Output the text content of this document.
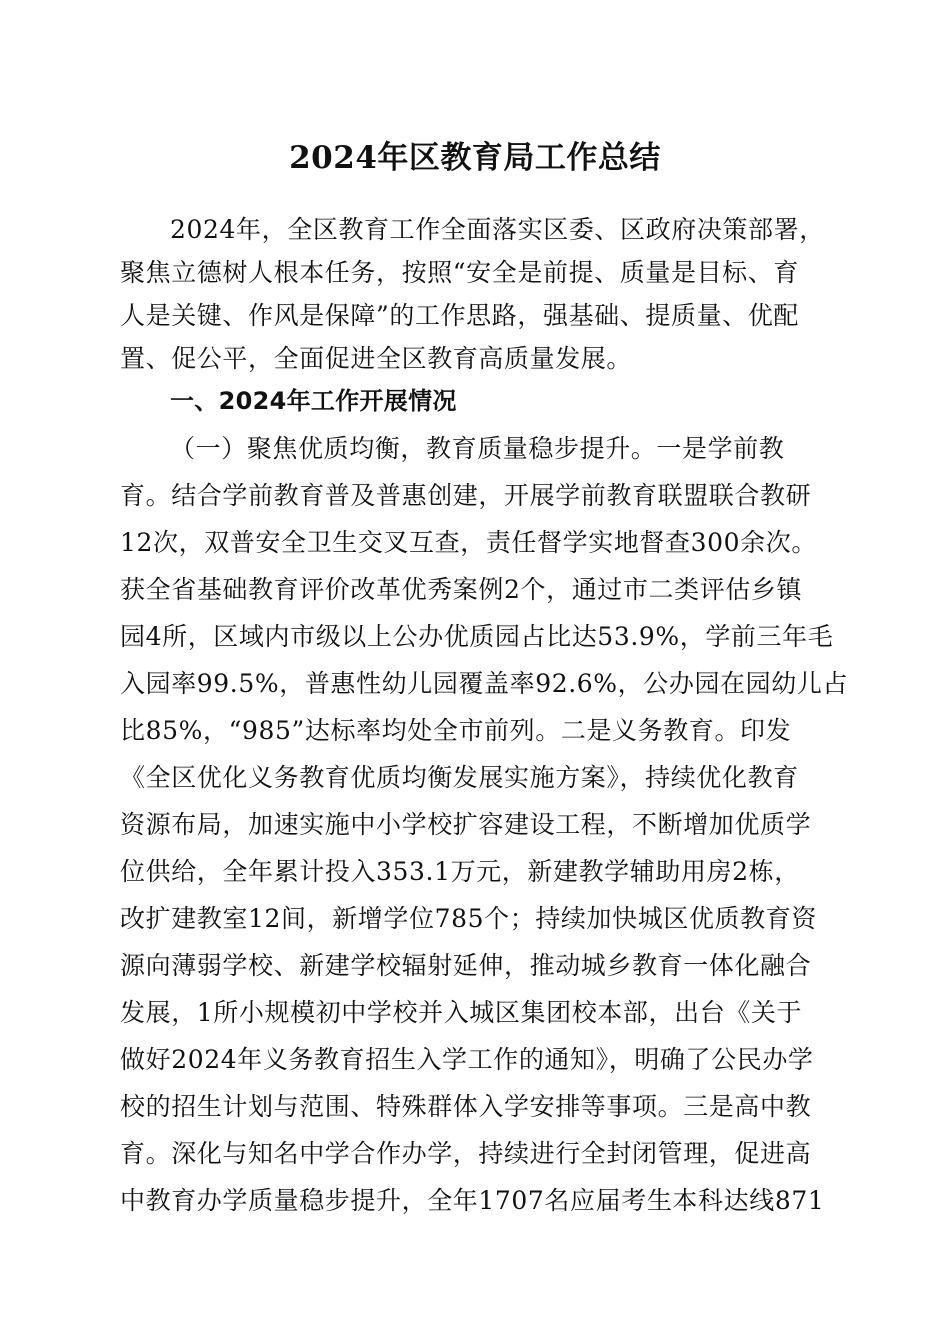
2024年区教育局工作总结
2024年，全区教育工作全面落实区委、区政府决策部署，
聚焦立德树人根本任务，按照“安全是前提、质量是目标、育
人是关键、作风是保障”的工作思路，强基础、提质量、优配
置、促公平，全面促进全区教育高质量发展。
一、2024年工作开展情况
（一）聚焦优质均衡，教育质量稳步提升。一是学前教
育。结合学前教育普及普惠创建，开展学前教育联盟联合教研
12次，双普安全卫生交叉互查，责任督学实地督查300余次。
获全省基础教育评价改革优秀案例2个，通过市二类评估乡镇
园4所，区域内市级以上公办优质园占比达53.9%，学前三年毛
入园率99.5%，普惠性幼儿园覆盖率92.6%，公办园在园幼儿占
比85%，“985”达标率均处全市前列。二是义务教育。印发
《全区优化义务教育优质均衡发展实施方案》，持续优化教育
资源布局，加速实施中小学校扩容建设工程，不断增加优质学
位供给，全年累计投入353.1万元，新建教学辅助用房2栋，
改扩建教室12间，新增学位785个；持续加快城区优质教育资
源向薄弱学校、新建学校辐射延伸，推动城乡教育一体化融合
发展，1所小规模初中学校并入城区集团校本部，出台《关于
做好2024年义务教育招生入学工作的通知》，明确了公民办学
校的招生计划与范围、特殊群体入学安排等事项。三是高中教
育。深化与知名中学合作办学，持续进行全封闭管理，促进高
中教育办学质量稳步提升，全年1707名应届考生本科达线871
